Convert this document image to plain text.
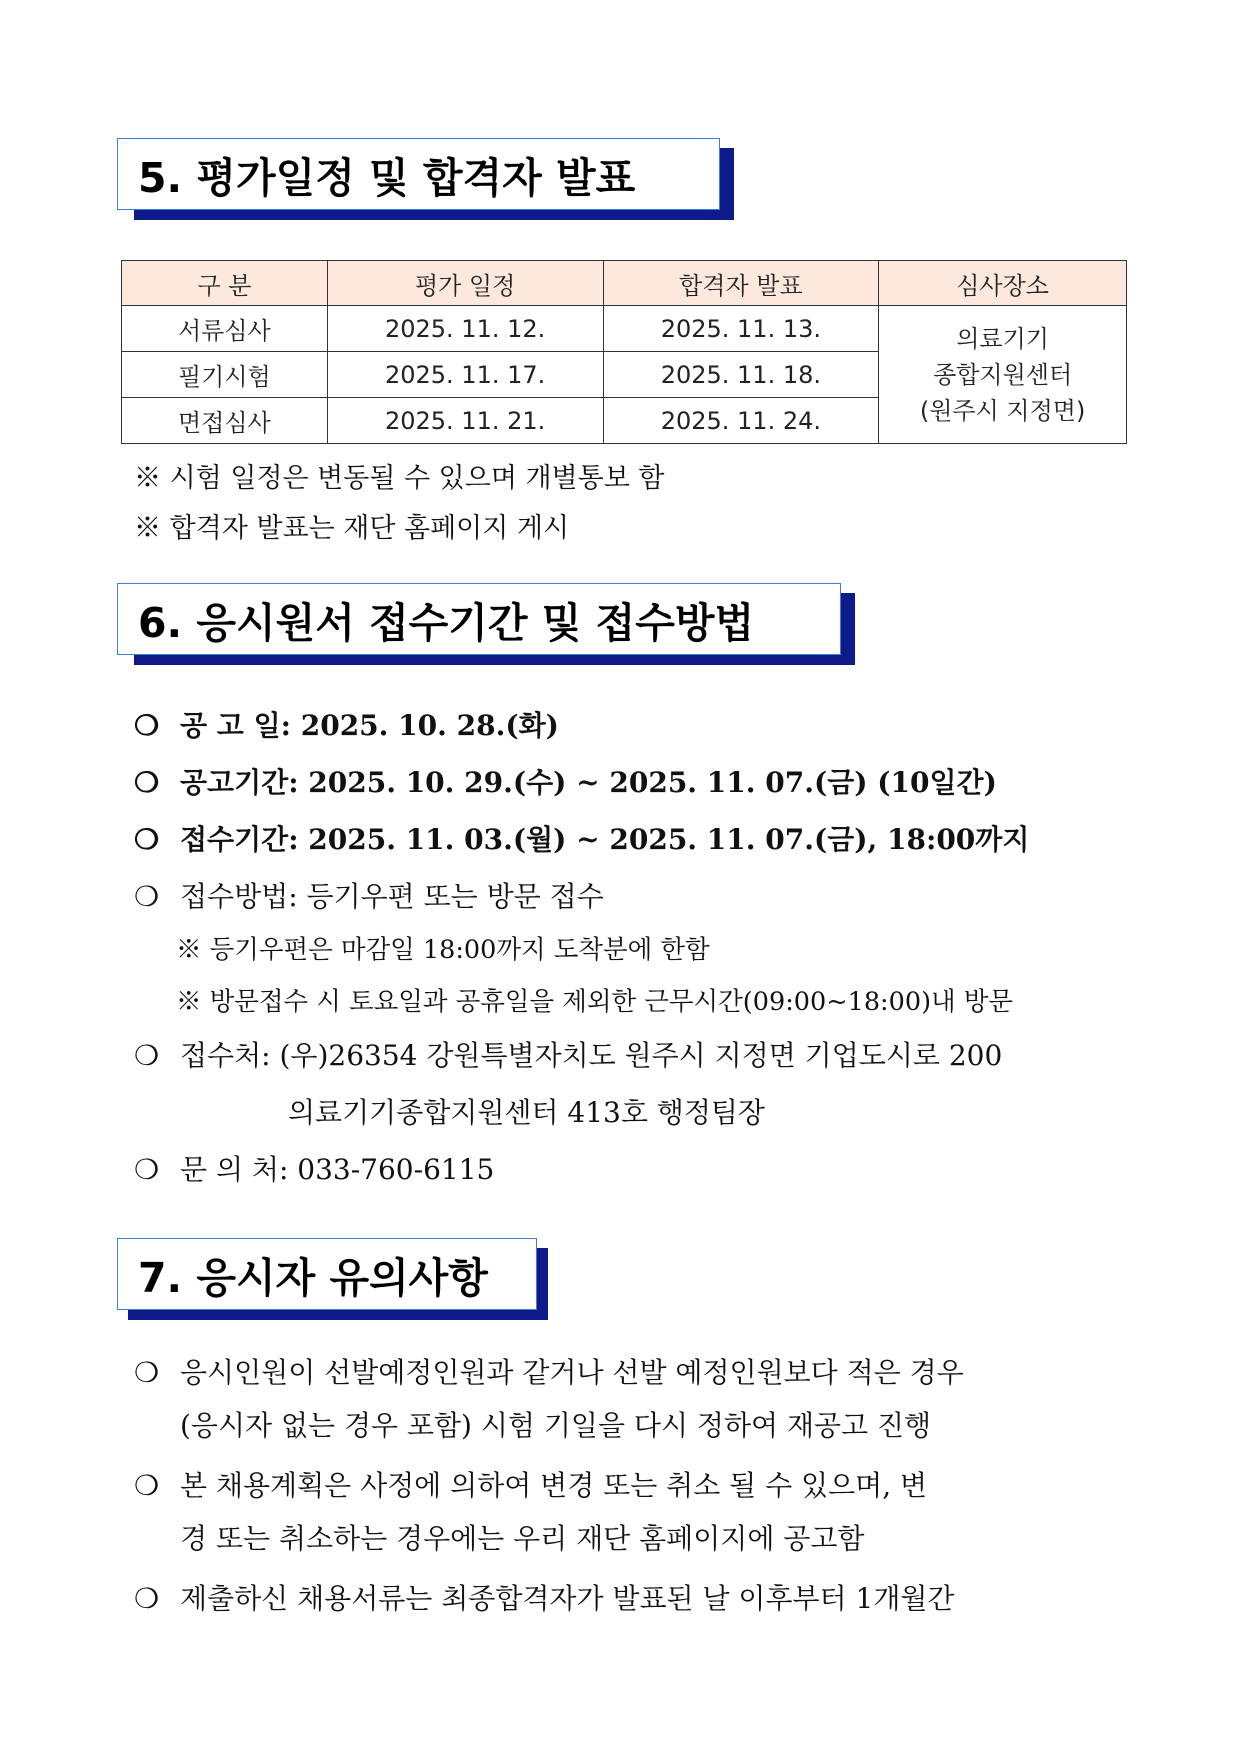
5. 평가일정 및 합격자 발표
구 분	평가 일정	합격자 발표	심사장소
서류심사	2025. 11. 12.	2025. 11. 13.	의료기기
종합지원센터
(원주시 지정면)

필기시험	2025. 11. 17.	2025. 11. 18.	
면접심사	2025. 11. 21.	2025. 11. 24.	
※ 시험 일정은 변동될 수 있으며 개별통보 함
※ 합격자 발표는 재단 홈페이지 게시
6. 응시원서 접수기간 및 접수방법
❍ 공 고 일: 2025. 10. 28.(화)
❍ 공고기간: 2025. 10. 29.(수) ~ 2025. 11. 07.(금) (10일간)
❍ 접수기간: 2025. 11. 03.(월) ~ 2025. 11. 07.(금), 18:00까지
❍ 접수방법: 등기우편 또는 방문 접수
※ 등기우편은 마감일 18:00까지 도착분에 한함
※ 방문접수 시 토요일과 공휴일을 제외한 근무시간(09:00~18:00)내 방문
❍ 접수처: (우)26354 강원특별자치도 원주시 지정면 기업도시로 200
의료기기종합지원센터 413호 행정팀장
❍ 문 의 처: 033-760-6115
7. 응시자 유의사항
❍ 응시인원이 선발예정인원과 같거나 선발 예정인원보다 적은 경우
(응시자 없는 경우 포함) 시험 기일을 다시 정하여 재공고 진행
❍ 본 채용계획은 사정에 의하여 변경 또는 취소 될 수 있으며, 변
경 또는 취소하는 경우에는 우리 재단 홈페이지에 공고함
❍ 제출하신 채용서류는 최종합격자가 발표된 날 이후부터 1개월간
